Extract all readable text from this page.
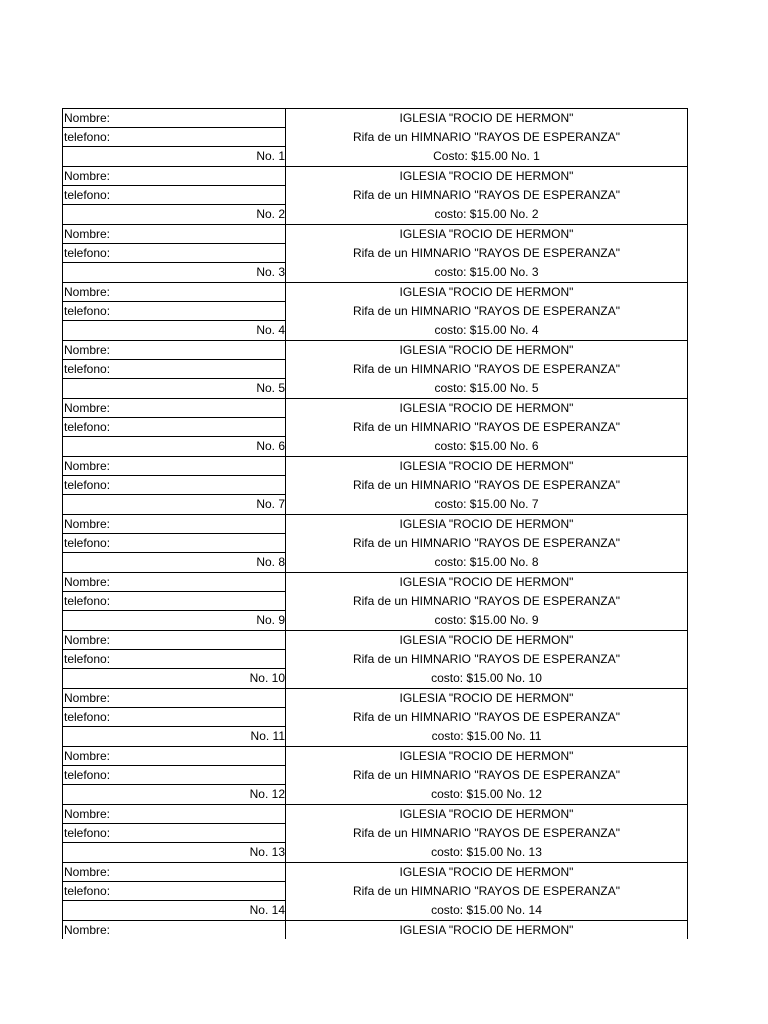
Nombre:
telefono:
No. 1
IGLESIA "ROCIO DE HERMON"
Rifa de un HIMNARIO "RAYOS DE ESPERANZA"
Costo: $15.00 No. 1
Nombre:
telefono:
No. 2
IGLESIA "ROCIO DE HERMON"
Rifa de un HIMNARIO "RAYOS DE ESPERANZA"
costo: $15.00 No. 2
Nombre:
telefono:
No. 3
IGLESIA "ROCIO DE HERMON"
Rifa de un HIMNARIO "RAYOS DE ESPERANZA"
costo: $15.00 No. 3
Nombre:
telefono:
No. 4
IGLESIA "ROCIO DE HERMON"
Rifa de un HIMNARIO "RAYOS DE ESPERANZA"
costo: $15.00 No. 4
Nombre:
telefono:
No. 5
IGLESIA "ROCIO DE HERMON"
Rifa de un HIMNARIO "RAYOS DE ESPERANZA"
costo: $15.00 No. 5
Nombre:
telefono:
No. 6
IGLESIA "ROCIO DE HERMON"
Rifa de un HIMNARIO "RAYOS DE ESPERANZA"
costo: $15.00 No. 6
Nombre:
telefono:
No. 7
IGLESIA "ROCIO DE HERMON"
Rifa de un HIMNARIO "RAYOS DE ESPERANZA"
costo: $15.00 No. 7
Nombre:
telefono:
No. 8
IGLESIA "ROCIO DE HERMON"
Rifa de un HIMNARIO "RAYOS DE ESPERANZA"
costo: $15.00 No. 8
Nombre:
telefono:
No. 9
IGLESIA "ROCIO DE HERMON"
Rifa de un HIMNARIO "RAYOS DE ESPERANZA"
costo: $15.00 No. 9
Nombre:
telefono:
No. 10
IGLESIA "ROCIO DE HERMON"
Rifa de un HIMNARIO "RAYOS DE ESPERANZA"
costo: $15.00 No. 10
Nombre:
telefono:
No. 11
IGLESIA "ROCIO DE HERMON"
Rifa de un HIMNARIO "RAYOS DE ESPERANZA"
costo: $15.00 No. 11
Nombre:
telefono:
No. 12
IGLESIA "ROCIO DE HERMON"
Rifa de un HIMNARIO "RAYOS DE ESPERANZA"
costo: $15.00 No. 12
Nombre:
telefono:
No. 13
IGLESIA "ROCIO DE HERMON"
Rifa de un HIMNARIO "RAYOS DE ESPERANZA"
costo: $15.00 No. 13
Nombre:
telefono:
No. 14
IGLESIA "ROCIO DE HERMON"
Rifa de un HIMNARIO "RAYOS DE ESPERANZA"
costo: $15.00 No. 14
Nombre:	IGLESIA "ROCIO DE HERMON"
